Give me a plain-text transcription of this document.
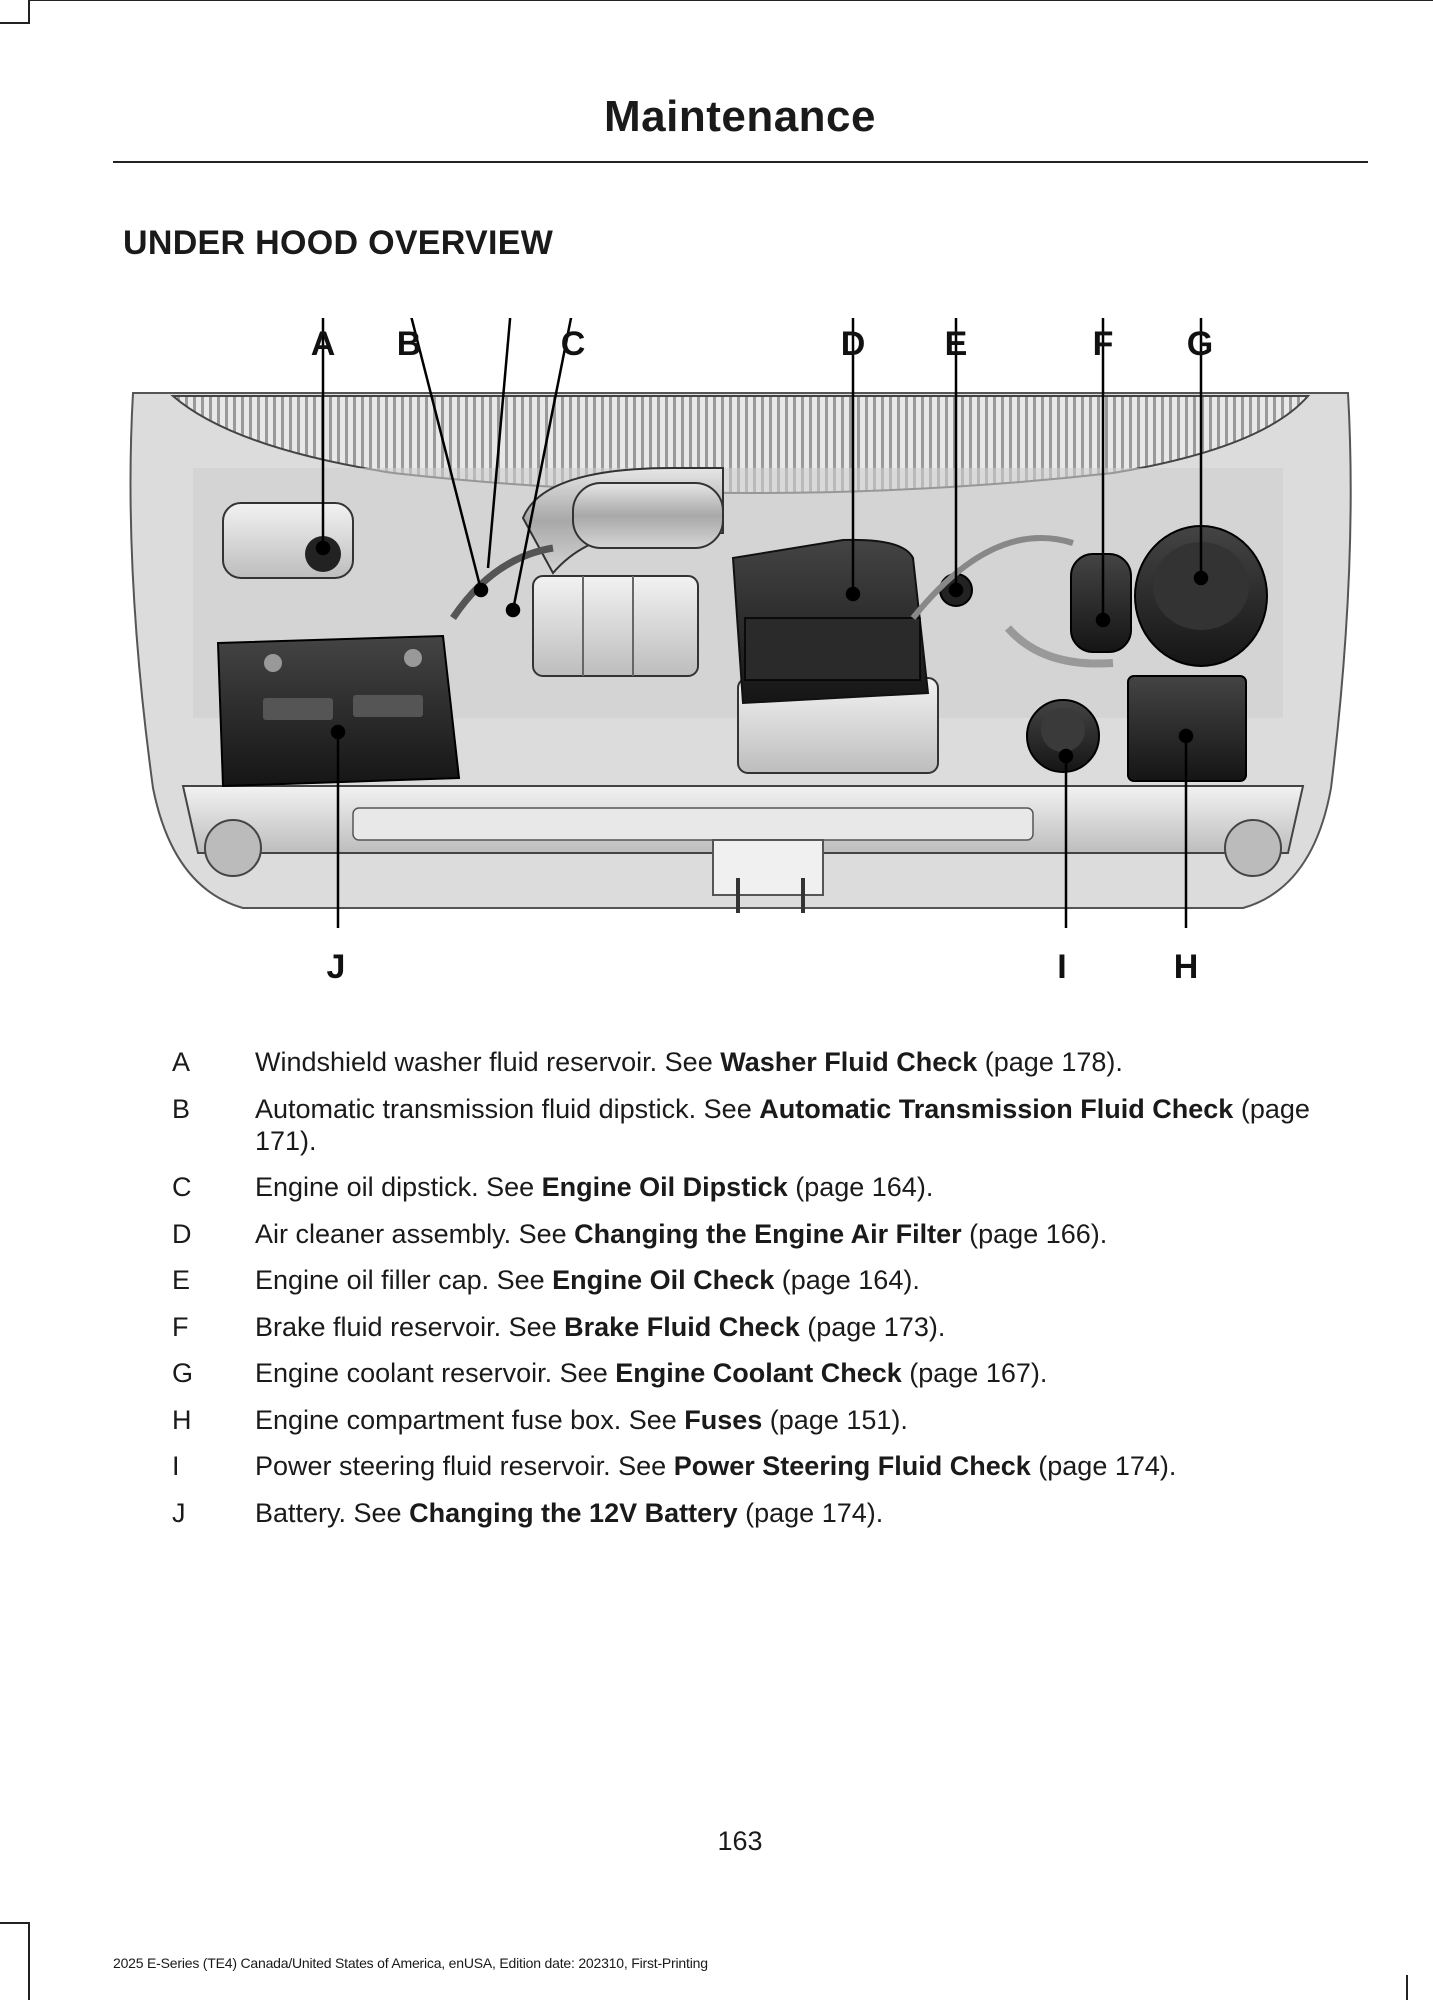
Maintenance
UNDER HOOD OVERVIEW
A B	C	D E	F G
J	I	H
A	Windshield washer fluid reservoir. See Washer Fluid Check (page 178).
B	Automatic transmission fluid dipstick. See Automatic Transmission Fluid Check (page 171).
C	Engine oil dipstick. See Engine Oil Dipstick (page 164).
D	Air cleaner assembly. See Changing the Engine Air Filter (page 166).
E	Engine oil filler cap. See Engine Oil Check (page 164).
F	Brake fluid reservoir. See Brake Fluid Check (page 173).
G	Engine coolant reservoir. See Engine Coolant Check (page 167).
H	Engine compartment fuse box. See Fuses (page 151).
I	Power steering fluid reservoir. See Power Steering Fluid Check (page 174).
J	Battery. See Changing the 12V Battery (page 174).
163
2025 E-Series (TE4) Canada/United States of America, enUSA, Edition date: 202310, First-Printing
